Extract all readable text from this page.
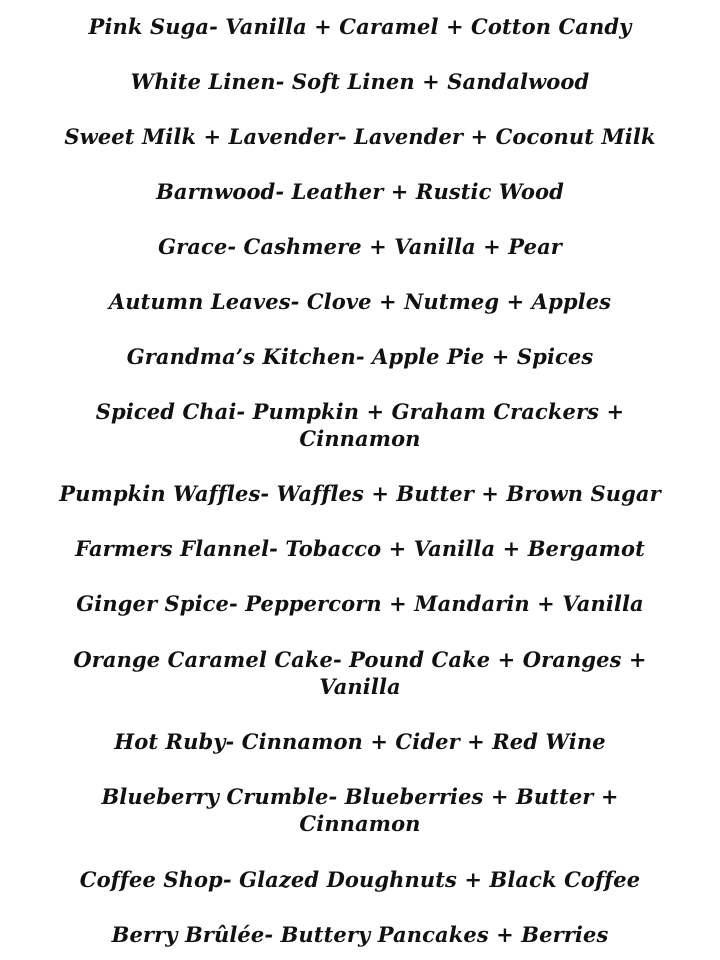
Pink Suga- Vanilla + Caramel + Cotton Candy
White Linen- Soft Linen + Sandalwood
Sweet Milk + Lavender- Lavender + Coconut Milk
Barnwood- Leather + Rustic Wood
Grace- Cashmere + Vanilla + Pear
Autumn Leaves- Clove + Nutmeg + Apples
Grandma’s Kitchen- Apple Pie + Spices
Spiced Chai- Pumpkin + Graham Crackers +
Cinnamon
Pumpkin Waffles- Waffles + Butter + Brown Sugar
Farmers Flannel- Tobacco + Vanilla + Bergamot
Ginger Spice- Peppercorn + Mandarin + Vanilla
Orange Caramel Cake- Pound Cake + Oranges +
Vanilla
Hot Ruby- Cinnamon + Cider + Red Wine
Blueberry Crumble- Blueberries + Butter +
Cinnamon
Coffee Shop- Glazed Doughnuts + Black Coffee
Berry Brûlée- Buttery Pancakes + Berries
